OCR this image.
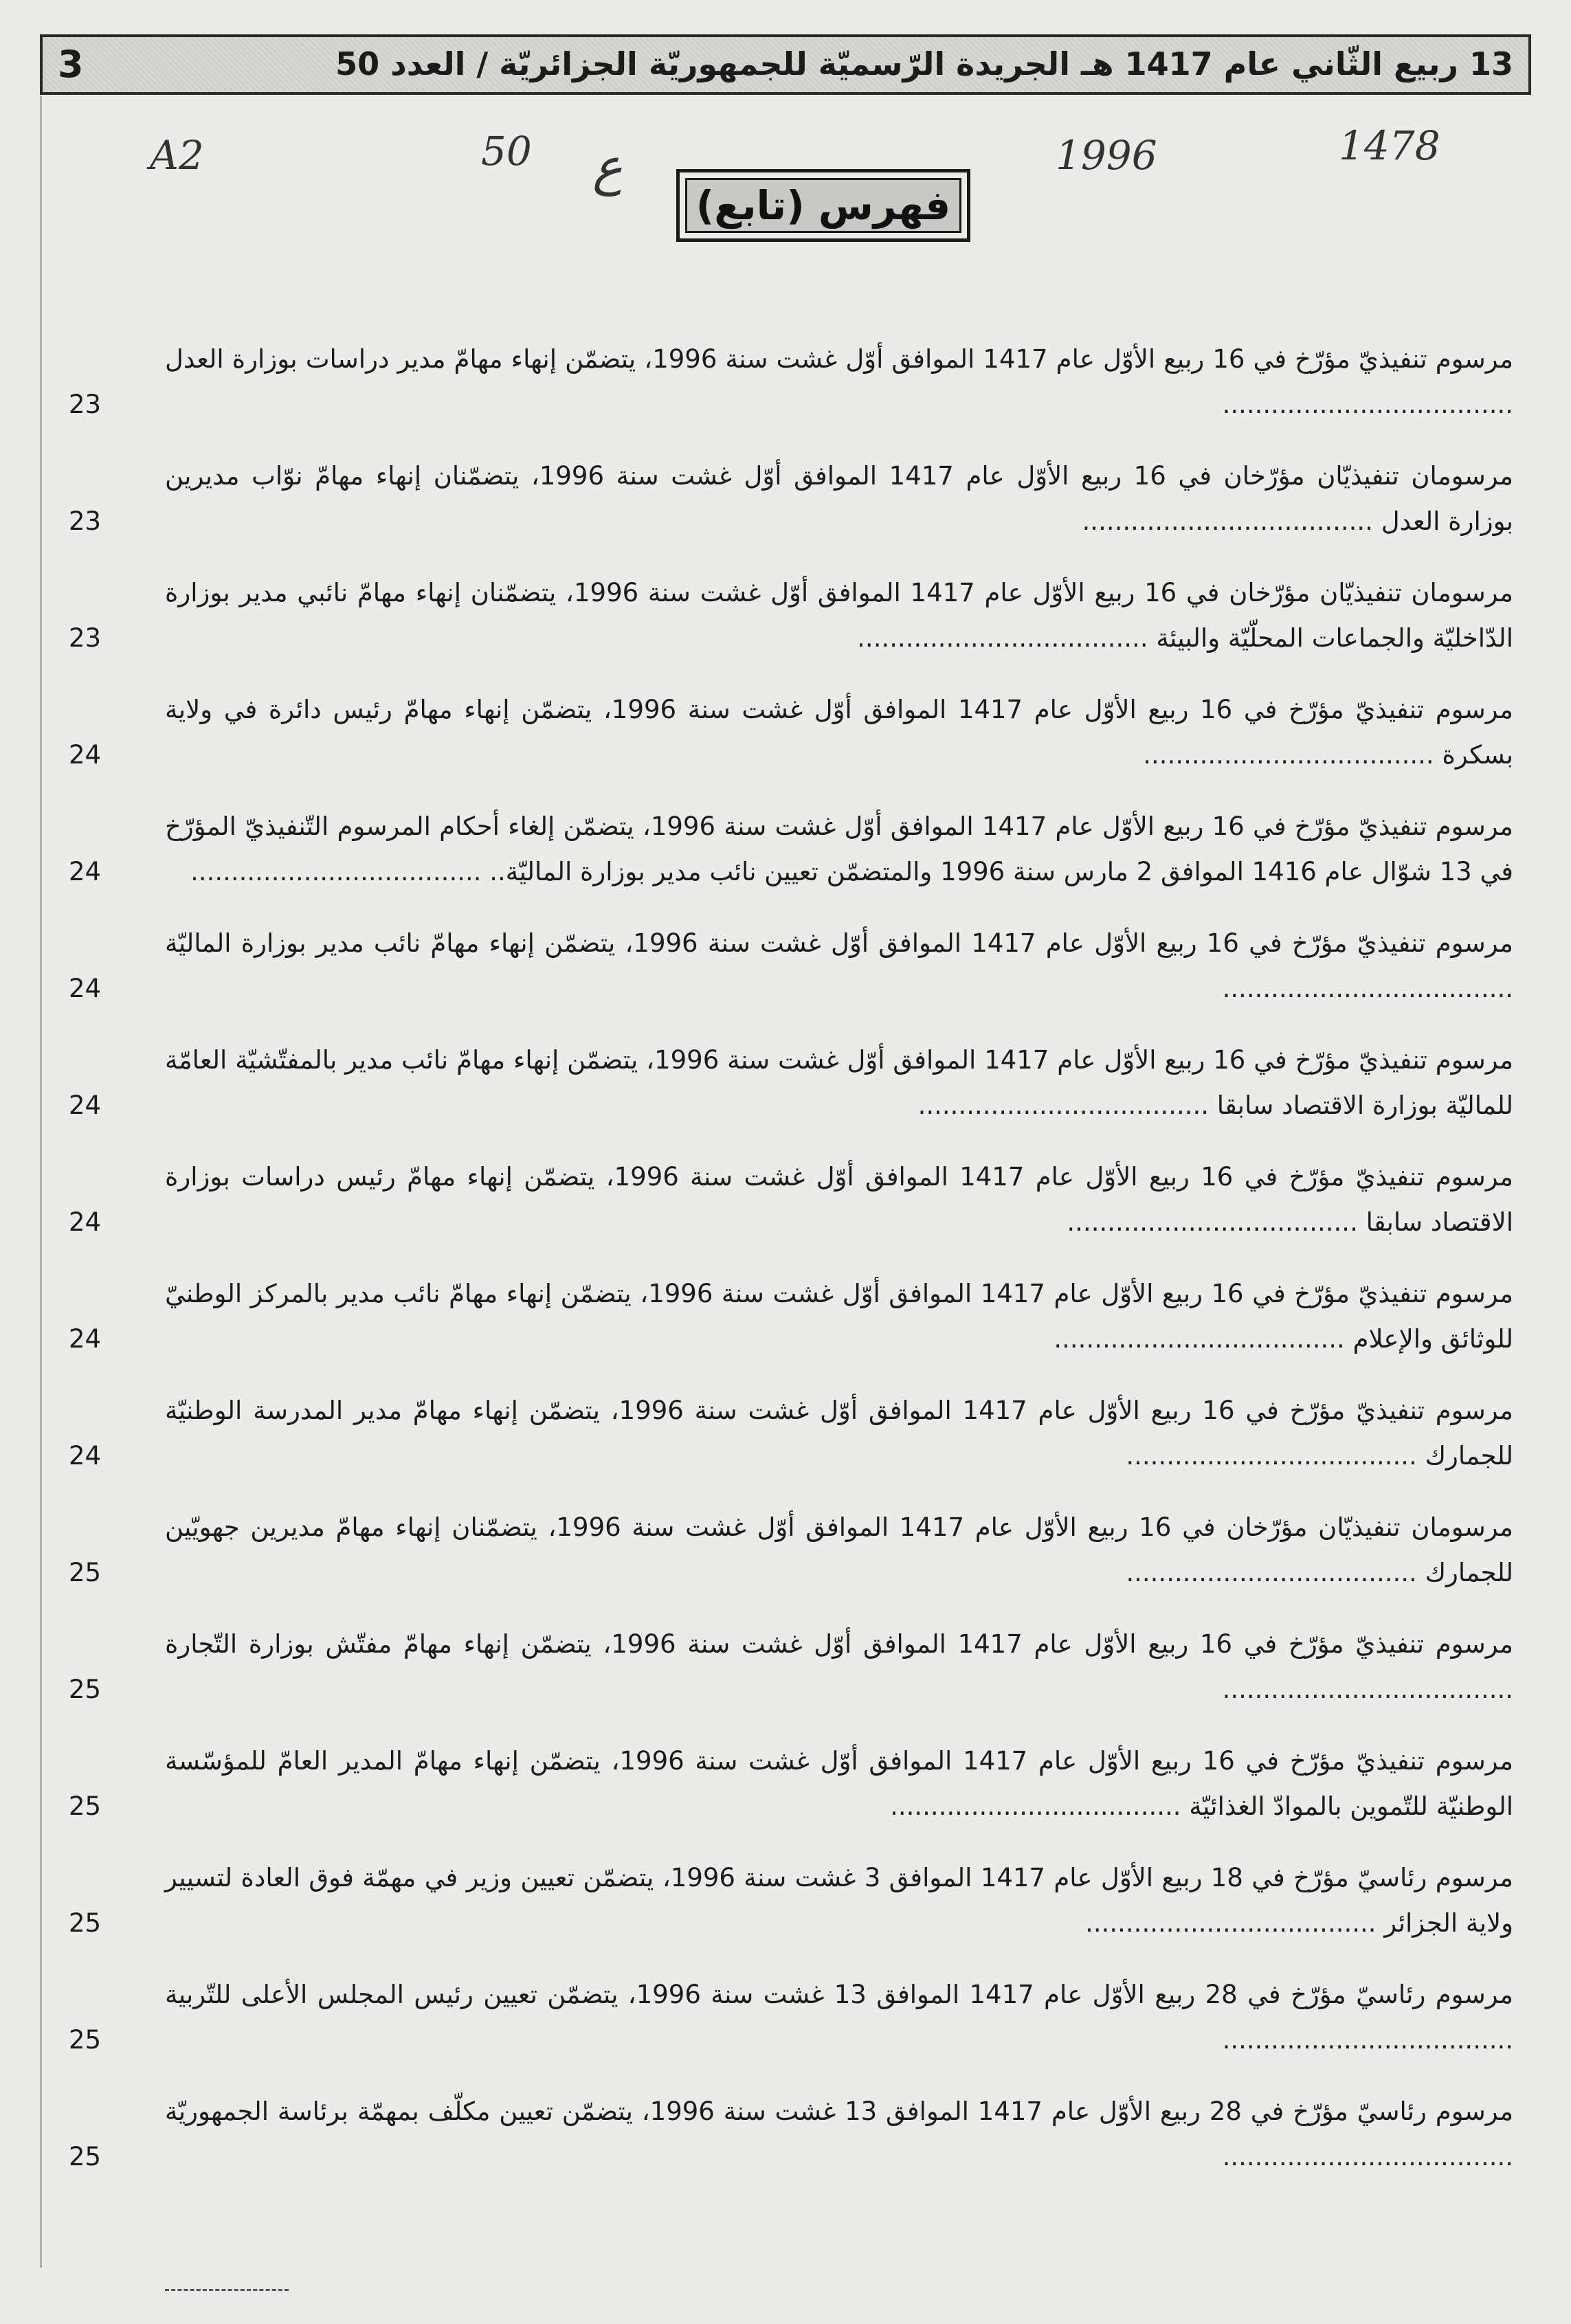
3	13 ربيع الثّاني عام 1417 هـ الجريدة الرّسميّة للجمهوريّة الجزائريّة / العدد 50
A2	50 ع	1996	1478
فهرس (تابع)

مرسوم تنفيذيّ مؤرّخ في 16 ربيع الأوّل عام 1417 الموافق أوّل غشت سنة 1996، يتضمّن إنهاء مهامّ مدير دراسات بوزارة العدل ....................................

23

مرسومان تنفيذيّان مؤرّخان في 16 ربيع الأوّل عام 1417 الموافق أوّل غشت سنة 1996، يتضمّنان إنهاء مهامّ نوّاب مديرين بوزارة العدل ....................................

23

مرسومان تنفيذيّان مؤرّخان في 16 ربيع الأوّل عام 1417 الموافق أوّل غشت سنة 1996، يتضمّنان إنهاء مهامّ نائبي مدير بوزارة الدّاخليّة والجماعات المحلّيّة والبيئة ....................................

23

مرسوم تنفيذيّ مؤرّخ في 16 ربيع الأوّل عام 1417 الموافق أوّل غشت سنة 1996، يتضمّن إنهاء مهامّ رئيس دائرة في ولاية بسكرة ....................................

24

مرسوم تنفيذيّ مؤرّخ في 16 ربيع الأوّل عام 1417 الموافق أوّل غشت سنة 1996، يتضمّن إلغاء أحكام المرسوم التّنفيذيّ المؤرّخ في 13 شوّال عام 1416 الموافق 2 مارس سنة 1996 والمتضمّن تعيين نائب مدير بوزارة الماليّة.. ....................................

24

مرسوم تنفيذيّ مؤرّخ في 16 ربيع الأوّل عام 1417 الموافق أوّل غشت سنة 1996، يتضمّن إنهاء مهامّ نائب مدير بوزارة الماليّة ....................................

24

مرسوم تنفيذيّ مؤرّخ في 16 ربيع الأوّل عام 1417 الموافق أوّل غشت سنة 1996، يتضمّن إنهاء مهامّ نائب مدير بالمفتّشيّة العامّة للماليّة بوزارة الاقتصاد سابقا ....................................

24

مرسوم تنفيذيّ مؤرّخ في 16 ربيع الأوّل عام 1417 الموافق أوّل غشت سنة 1996، يتضمّن إنهاء مهامّ رئيس دراسات بوزارة الاقتصاد سابقا ....................................

24

مرسوم تنفيذيّ مؤرّخ في 16 ربيع الأوّل عام 1417 الموافق أوّل غشت سنة 1996، يتضمّن إنهاء مهامّ نائب مدير بالمركز الوطنيّ للوثائق والإعلام ....................................

24

مرسوم تنفيذيّ مؤرّخ في 16 ربيع الأوّل عام 1417 الموافق أوّل غشت سنة 1996، يتضمّن إنهاء مهامّ مدير المدرسة الوطنيّة للجمارك ....................................

24

مرسومان تنفيذيّان مؤرّخان في 16 ربيع الأوّل عام 1417 الموافق أوّل غشت سنة 1996، يتضمّنان إنهاء مهامّ مديرين جهويّين للجمارك ....................................

25

مرسوم تنفيذيّ مؤرّخ في 16 ربيع الأوّل عام 1417 الموافق أوّل غشت سنة 1996، يتضمّن إنهاء مهامّ مفتّش بوزارة التّجارة ....................................

25

مرسوم تنفيذيّ مؤرّخ في 16 ربيع الأوّل عام 1417 الموافق أوّل غشت سنة 1996، يتضمّن إنهاء مهامّ المدير العامّ للمؤسّسة الوطنيّة للتّموين بالموادّ الغذائيّة ....................................

25

مرسوم رئاسيّ مؤرّخ في 18 ربيع الأوّل عام 1417 الموافق 3 غشت سنة 1996، يتضمّن تعيين وزير في مهمّة فوق العادة لتسيير ولاية الجزائر ....................................

25

مرسوم رئاسيّ مؤرّخ في 28 ربيع الأوّل عام 1417 الموافق 13 غشت سنة 1996، يتضمّن تعيين رئيس المجلس الأعلى للتّربية ....................................

25

مرسوم رئاسيّ مؤرّخ في 28 ربيع الأوّل عام 1417 الموافق 13 غشت سنة 1996، يتضمّن تعيين مكلّف بمهمّة برئاسة الجمهوريّة ....................................

25
